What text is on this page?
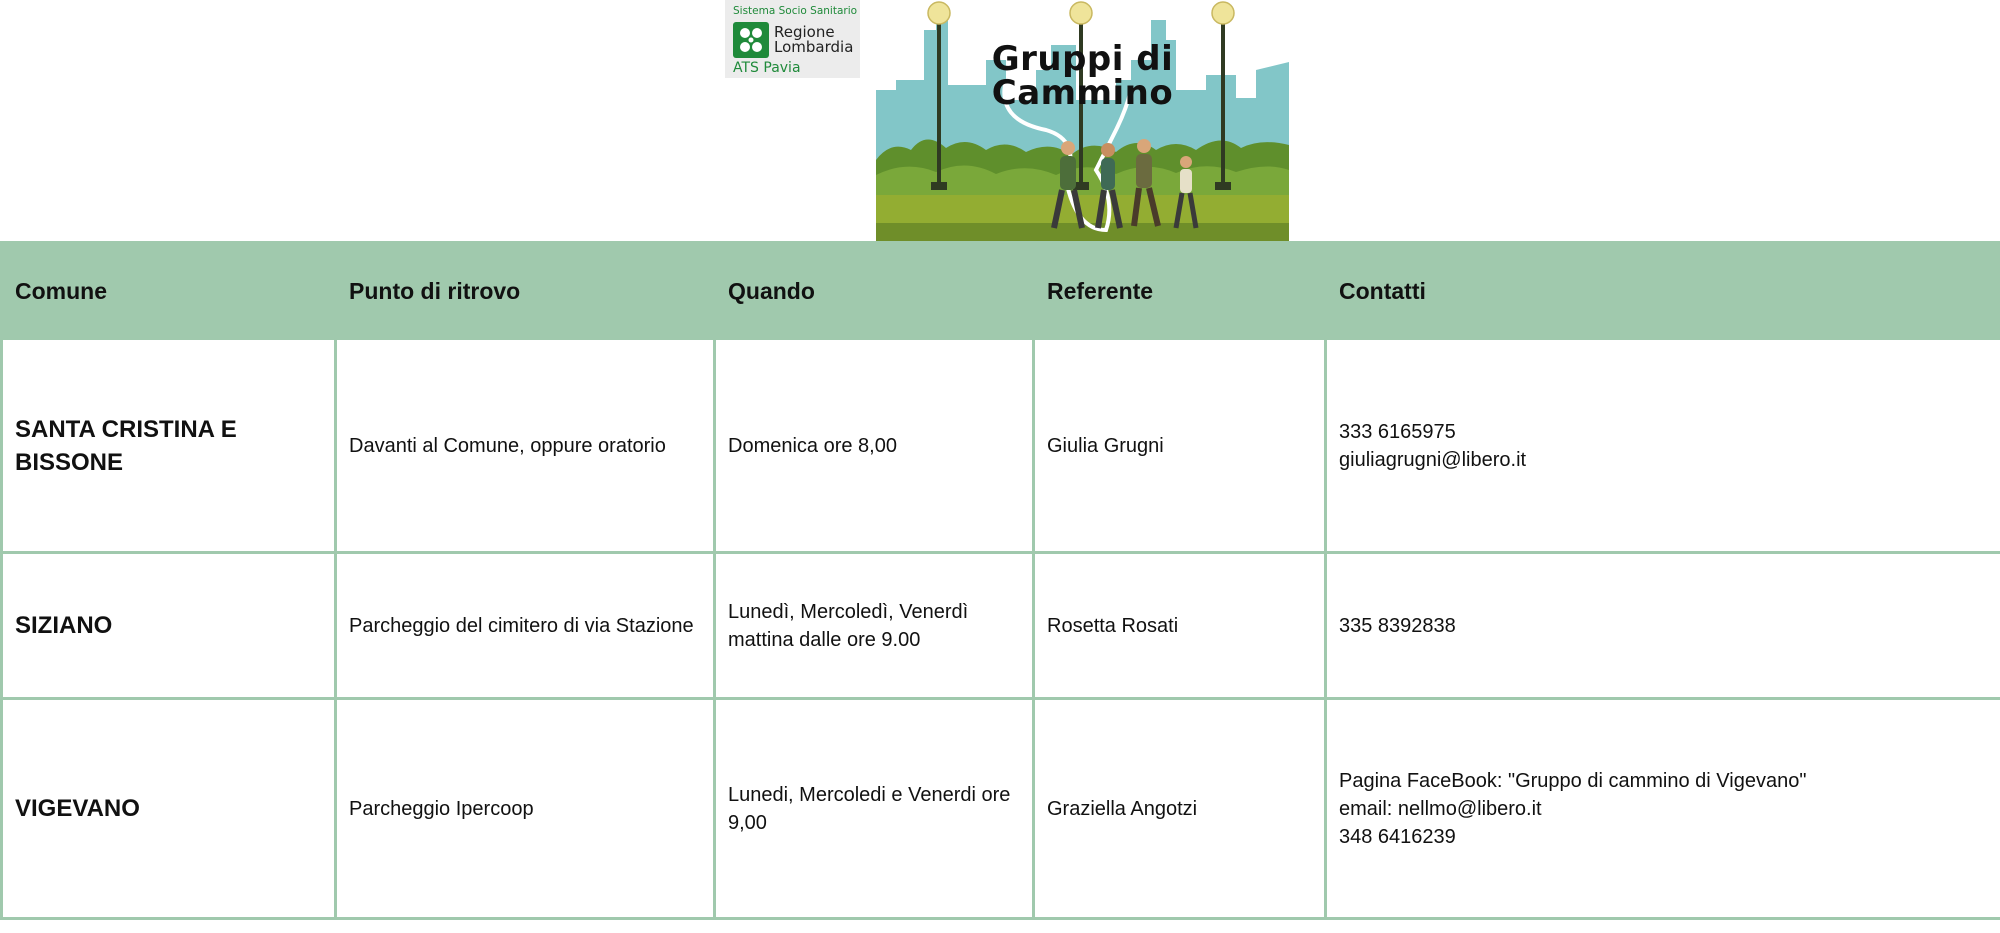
Sistema Socio Sanitario
Regione
Lombardia
ATS Pavia	Gruppi di
Cammino
Comune	Punto di ritrovo	Quando	Referente	Contatti
SANTA CRISTINA E BISSONE	Davanti al Comune, oppure oratorio	Domenica ore 8,00	Giulia Grugni	333 6165975
giuliagrugni@libero.it

SIZIANO	Parcheggio del cimitero di via Stazione	Lunedì, Mercoledì, Venerdì mattina dalle ore 9.00	Rosetta Rosati	335 8392838

VIGEVANO	Parcheggio Ipercoop	Lunedi, Mercoledi e Venerdi ore 9,00	Graziella Angotzi	Pagina FaceBook: "Gruppo di cammino di Vigevano"
email: nellmo@libero.it
348 6416239
